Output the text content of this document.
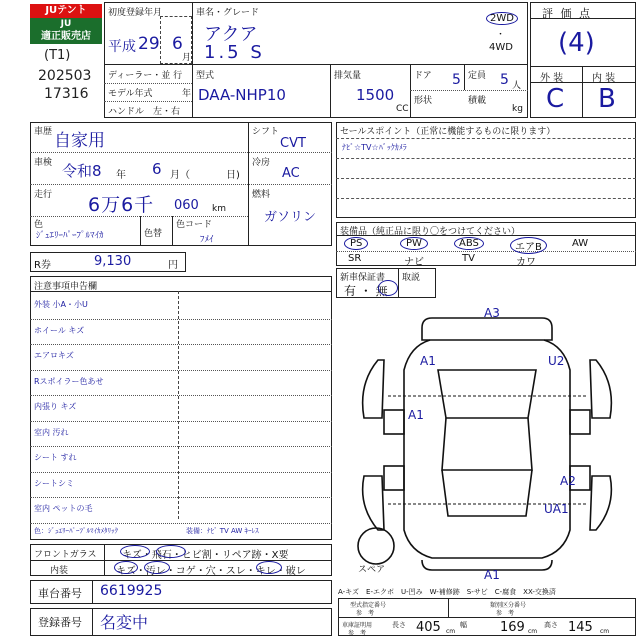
JUテント
JU
適正販売店
(T1)
202503
17316
初度登録年月
平成 29 6
月
車名・グレード
アクア
1.5 S
2WD
・
4WD
ディーラー・並 行
モデル年式	年
ハンドル　左・右
型式
DAA-NHP10
排気量
1500
CC
ドア 5 定員 5 人
形状	積載
kg
評 価 点
(4)
外 装	内 装
C B
車歴 自家用	シフト
CVT
車検 令和8 年 6 月（	日)
冷房
AC
走行 6万6千 060 km
燃料
ガソリン
色
ｼﾞｭｴﾘｰﾊﾟｰﾌﾟﾙﾏｲｶ	色替
色コード
ﾌﾒｲ
R券	9,130	円
セールスポイント（正常に機能するものに限ります）
ﾅﾋﾞ☆TV☆ﾊﾞｯｸｶﾒﾗ
装備品（純正品に限り〇をつけてください）
PS	PW	ABS	エアB	AW
SR	ナビ	TV	カワ
新車保証書
有 ・ 無
取説
注意事項申告欄
外装 小A・小U
ホイール キズ
エアロキズ
Rスポイラー色あせ
内張り キズ
室内 汚れ
シート すれ
シートシミ
室内 ペットの毛
色：ｼﾞｭｴﾘｰﾊﾟｰﾌﾟﾙﾏｲｶﾒﾀﾘｯｸ	装備：ﾅﾋﾞ TV AW ｷｰﾚｽ
フロントガラス	キズ・飛石・ヒビ割・リペア跡・X要
内装	キズ・汚レ・コゲ・穴・スレ・キレ・破レ
車台番号 6619925
登録番号 名変中
A3
A1	U2
A1
A2
UA1
A1
スペア
A-キズ　E-エクボ　U-凹み　W-補修跡　S-サビ　C-腐食　XX-交換済
型式指定番号
参　考
類別区分番号
参　考
車庫証明用
参　考
長さ 405 cm
幅	169 cm
高さ 145 cm
